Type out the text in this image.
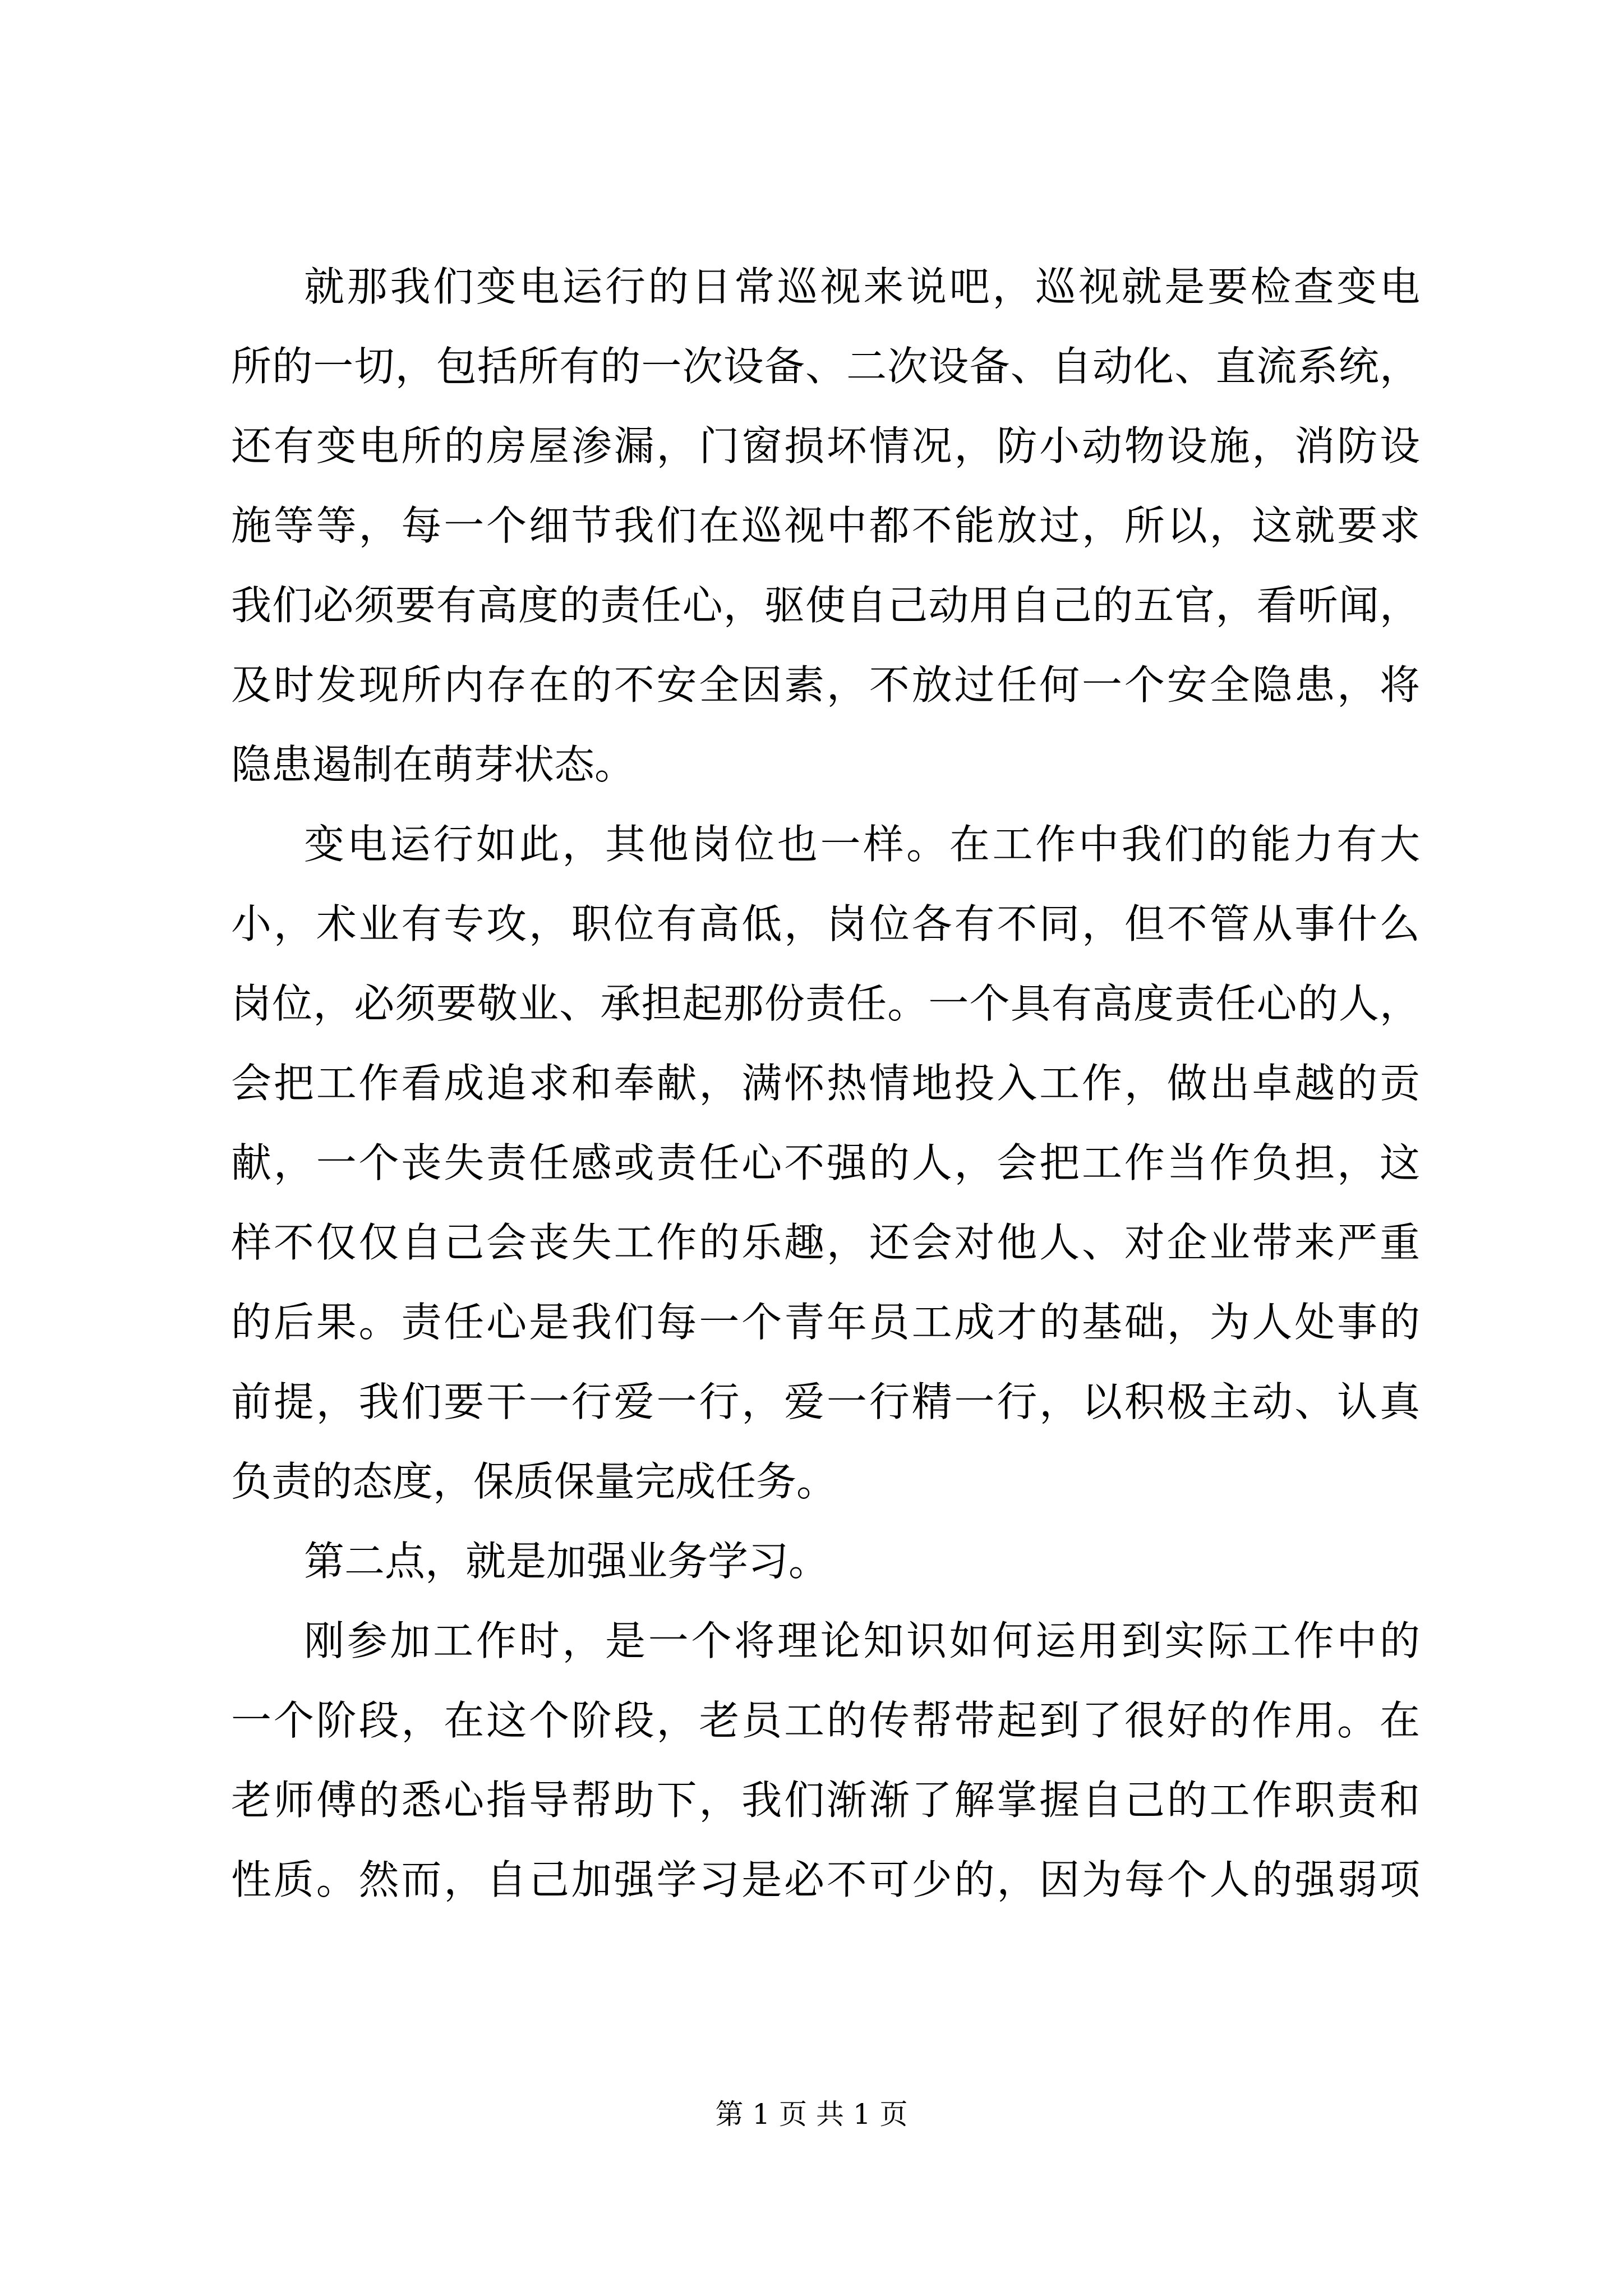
就那我们变电运行的日常巡视来说吧，巡视就是要检查变电
所的一切，包括所有的一次设备、二次设备、自动化、直流系统，
还有变电所的房屋渗漏，门窗损坏情况，防小动物设施，消防设
施等等，每一个细节我们在巡视中都不能放过，所以，这就要求
我们必须要有高度的责任心，驱使自己动用自己的五官，看听闻，
及时发现所内存在的不安全因素，不放过任何一个安全隐患，将
隐患遏制在萌芽状态。
变电运行如此，其他岗位也一样。在工作中我们的能力有大
小，术业有专攻，职位有高低，岗位各有不同，但不管从事什么
岗位，必须要敬业、承担起那份责任。一个具有高度责任心的人，
会把工作看成追求和奉献，满怀热情地投入工作，做出卓越的贡
献，一个丧失责任感或责任心不强的人，会把工作当作负担，这
样不仅仅自己会丧失工作的乐趣，还会对他人、对企业带来严重
的后果。责任心是我们每一个青年员工成才的基础，为人处事的
前提，我们要干一行爱一行，爱一行精一行，以积极主动、认真
负责的态度，保质保量完成任务。
第二点，就是加强业务学习。
刚参加工作时，是一个将理论知识如何运用到实际工作中的
一个阶段，在这个阶段，老员工的传帮带起到了很好的作用。在
老师傅的悉心指导帮助下，我们渐渐了解掌握自己的工作职责和
性质。然而，自己加强学习是必不可少的，因为每个人的强弱项
第 1 页 共 1 页
